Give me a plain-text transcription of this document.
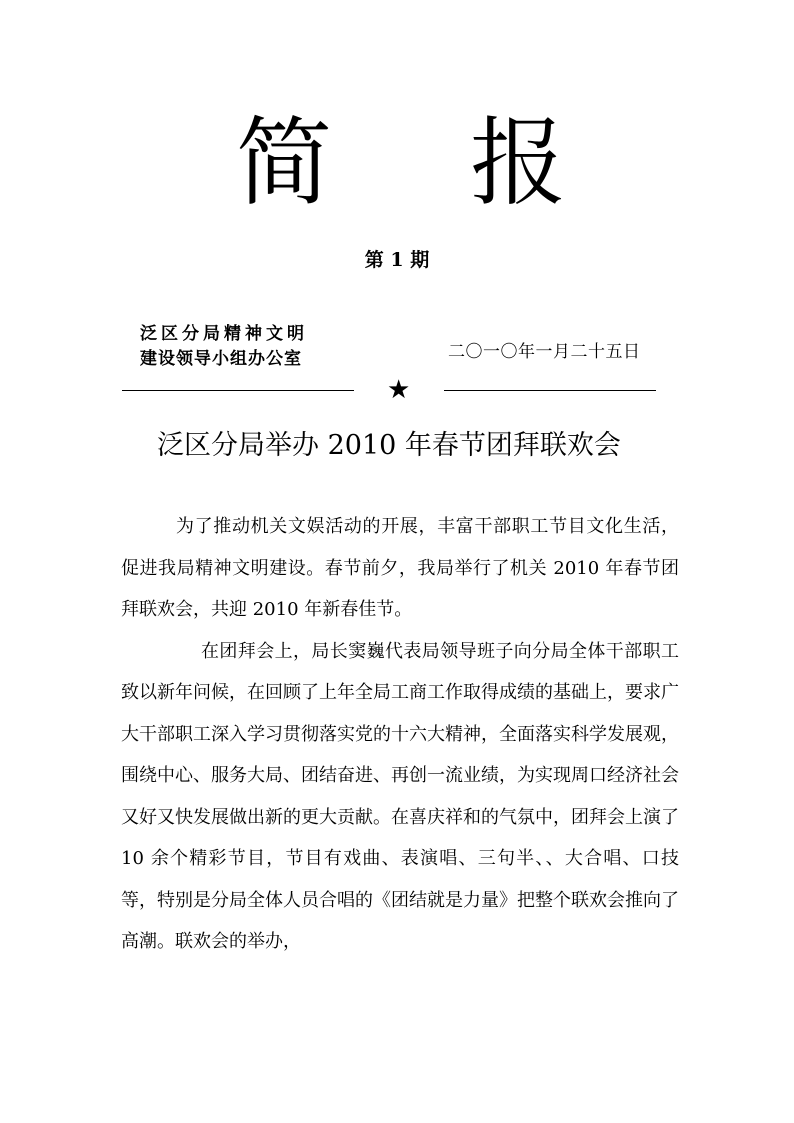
简 报
第 1 期
泛区分局精神文明
建设领导小组办公室	二〇一〇年一月二十五日
★
泛区分局举办 2010 年春节团拜联欢会

为了推动机关文娱活动的开展，丰富干部职工节目文化生活，促进我局精神文明建设。春节前夕，我局举行了机关 2010 年春节团拜联欢会，共迎 2010 年新春佳节。

在团拜会上，局长窦巍代表局领导班子向分局全体干部职工致以新年问候，在回顾了上年全局工商工作取得成绩的基础上，要求广大干部职工深入学习贯彻落实党的十六大精神，全面落实科学发展观，围绕中心、服务大局、团结奋进、再创一流业绩，为实现周口经济社会又好又快发展做出新的更大贡献。在喜庆祥和的气氛中，团拜会上演了 10 余个精彩节目，节目有戏曲、表演唱、三句半、、大合唱、口技等，特别是分局全体人员合唱的《团结就是力量》把整个联欢会推向了高潮。联欢会的举办，
